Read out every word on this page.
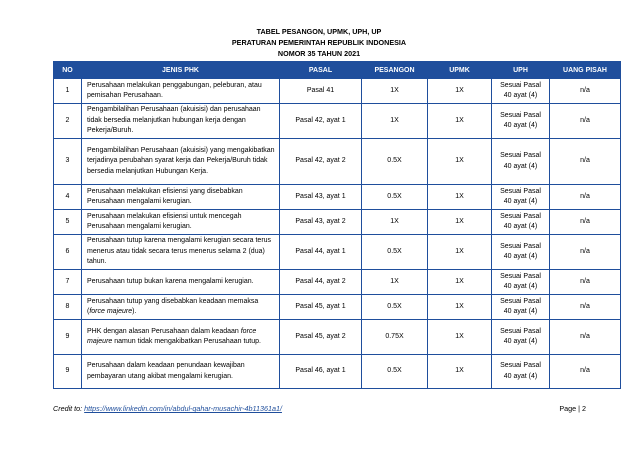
TABEL PESANGON, UPMK, UPH, UP
PERATURAN PEMERINTAH REPUBLIK INDONESIA
NOMOR 35 TAHUN 2021
NO	JENIS PHK	PASAL	PESANGON	UPMK	UPH	UANG PISAH
1	Perusahaan melakukan penggabungan, peleburan, atau pemisahan Perusahaan.	Pasal 41	1X	1X	Sesuai Pasal 40 ayat (4)	n/a
2	Pengambilalihan Perusahaan (akuisisi) dan perusahaan tidak bersedia melanjutkan hubungan kerja dengan Pekerja/Buruh.	Pasal 42, ayat 1	1X	1X	Sesuai Pasal 40 ayat (4)	n/a
3	Pengambilalihan Perusahaan (akuisisi) yang mengakibatkan terjadinya perubahan syarat kerja dan Pekerja/Buruh tidak bersedia melanjutkan Hubungan Kerja.	Pasal 42, ayat 2	0.5X	1X	Sesuai Pasal 40 ayat (4)	n/a
4	Perusahaan melakukan efisiensi yang disebabkan Perusahaan mengalami kerugian.	Pasal 43, ayat 1	0.5X	1X	Sesuai Pasal 40 ayat (4)	n/a
5	Perusahaan melakukan efisiensi untuk mencegah Perusahaan mengalami kerugian.	Pasal 43, ayat 2	1X	1X	Sesuai Pasal 40 ayat (4)	n/a
6	Perusahaan tutup karena mengalami kerugian secara terus menerus atau tidak secara terus menerus selama 2 (dua) tahun.	Pasal 44, ayat 1	0.5X	1X	Sesuai Pasal 40 ayat (4)	n/a
7	Perusahaan tutup bukan karena mengalami kerugian.	Pasal 44, ayat 2	1X	1X	Sesuai Pasal 40 ayat (4)	n/a
8	Perusahaan tutup yang disebabkan keadaan memaksa (force majeure).	Pasal 45, ayat 1	0.5X	1X	Sesuai Pasal 40 ayat (4)	n/a
9	PHK dengan alasan Perusahaan dalam keadaan force majeure namun tidak mengakibatkan Perusahaan tutup.	Pasal 45, ayat 2	0.75X	1X	Sesuai Pasal 40 ayat (4)	n/a
9	Perusahaan dalam keadaan penundaan kewajiban pembayaran utang akibat mengalami kerugian.	Pasal 46, ayat 1	0.5X	1X	Sesuai Pasal 40 ayat (4)	n/a
Credit to: https://www.linkedin.com/in/abdul-qahar-musachir-4b11361a1/	Page | 2
